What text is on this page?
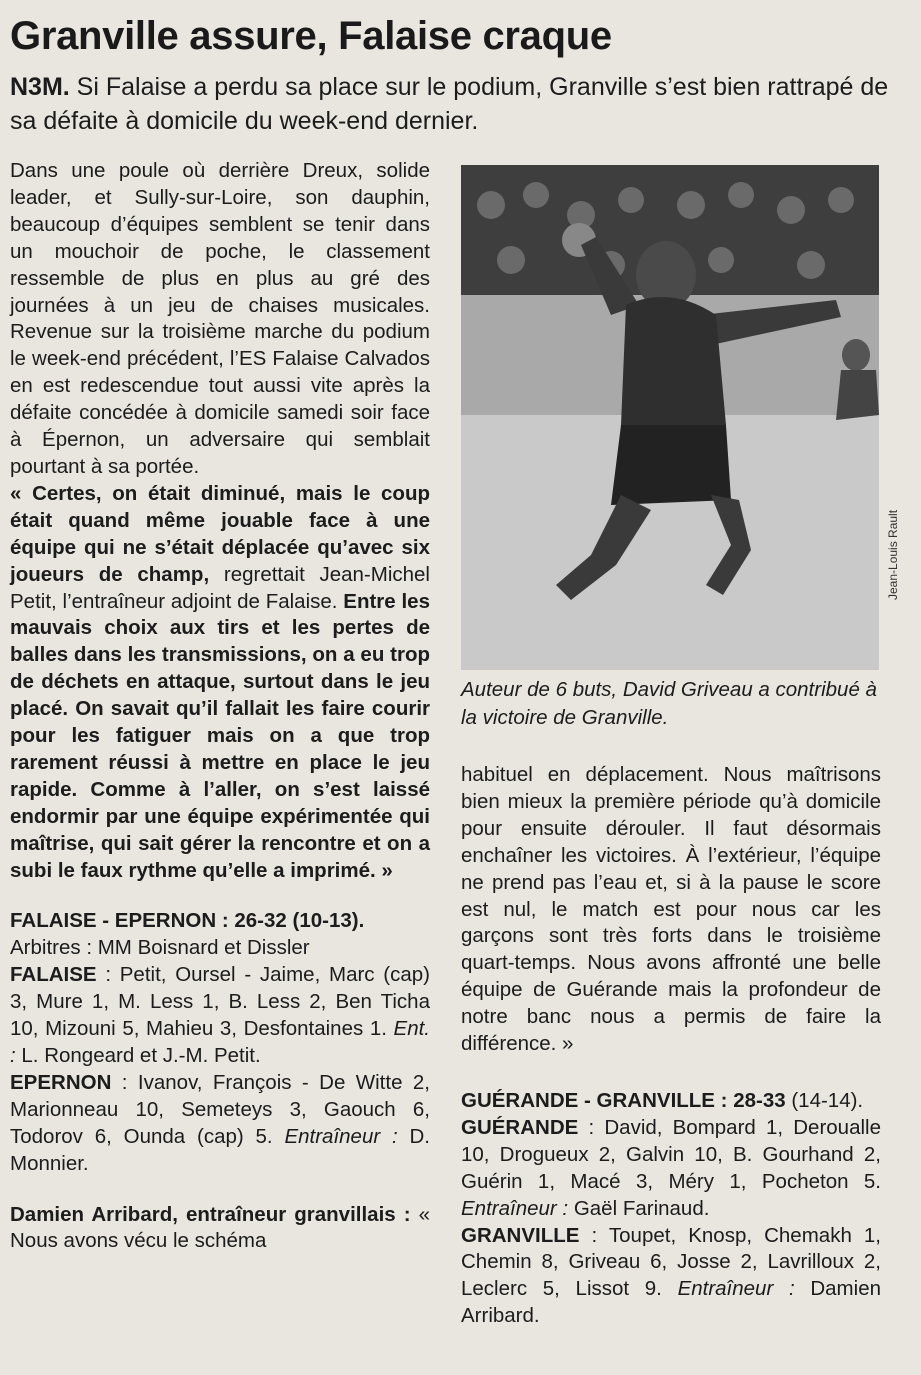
Granville assure, Falaise craque

N3M. Si Falaise a perdu sa place sur le podium, Granville s’est bien rattrapé de sa défaite à domicile du week-end dernier.

Dans une poule où derrière Dreux, solide leader, et Sully-sur-Loire, son dauphin, beaucoup d’équipes semblent se tenir dans un mouchoir de poche, le classement ressemble de plus en plus au gré des journées à un jeu de chaises musicales. Revenue sur la troisième marche du podium le week-end précédent, l’ES Falaise Calvados en est redescendue tout aussi vite après la défaite concédée à domicile samedi soir face à Épernon, un adversaire qui semblait pourtant à sa portée.

« Certes, on était diminué, mais le coup était quand même jouable face à une équipe qui ne s’était déplacée qu’avec six joueurs de champ, regrettait Jean-Michel Petit, l’entraîneur adjoint de Falaise. Entre les mauvais choix aux tirs et les pertes de balles dans les transmissions, on a eu trop de déchets en attaque, surtout dans le jeu placé. On savait qu’il fallait les faire courir pour les fatiguer mais on a que trop rarement réussi à mettre en place le jeu rapide. Comme à l’aller, on s’est laissé endormir par une équipe expérimentée qui maîtrise, qui sait gérer la rencontre et on a subi le faux rythme qu’elle a imprimé. »

FALAISE - EPERNON : 26-32 (10-13).

Arbitres : MM Boisnard et Dissler

FALAISE : Petit, Oursel - Jaime, Marc (cap) 3, Mure 1, M. Less 1, B. Less 2, Ben Ticha 10, Mizouni 5, Mahieu 3, Desfontaines 1. Ent. : L. Rongeard et J.-M. Petit.

EPERNON : Ivanov, François - De Witte 2, Marionneau 10, Semeteys 3, Gaouch 6, Todorov 6, Ounda (cap) 5. Entraîneur : D. Monnier.

Damien Arribard, entraîneur granvillais : « Nous avons vécu le schéma

Jean-Louis Rault

Auteur de 6 buts, David Griveau a contribué à la victoire de Granville.

habituel en déplacement. Nous maîtrisons bien mieux la première période qu’à domicile pour ensuite dérouler. Il faut désormais enchaîner les victoires. À l’extérieur, l’équipe ne prend pas l’eau et, si à la pause le score est nul, le match est pour nous car les garçons sont très forts dans le troisième quart-temps. Nous avons affronté une belle équipe de Guérande mais la profondeur de notre banc nous a permis de faire la différence. »

GUÉRANDE - GRANVILLE : 28-33 (14-14).

GUÉRANDE : David, Bompard 1, Deroualle 10, Drogueux 2, Galvin 10, B. Gourhand 2, Guérin 1, Macé 3, Méry 1, Pocheton 5. Entraîneur : Gaël Farinaud.

GRANVILLE : Toupet, Knosp, Chemakh 1, Chemin 8, Griveau 6, Josse 2, Lavrilloux 2, Leclerc 5, Lissot 9. Entraîneur : Damien Arribard.
